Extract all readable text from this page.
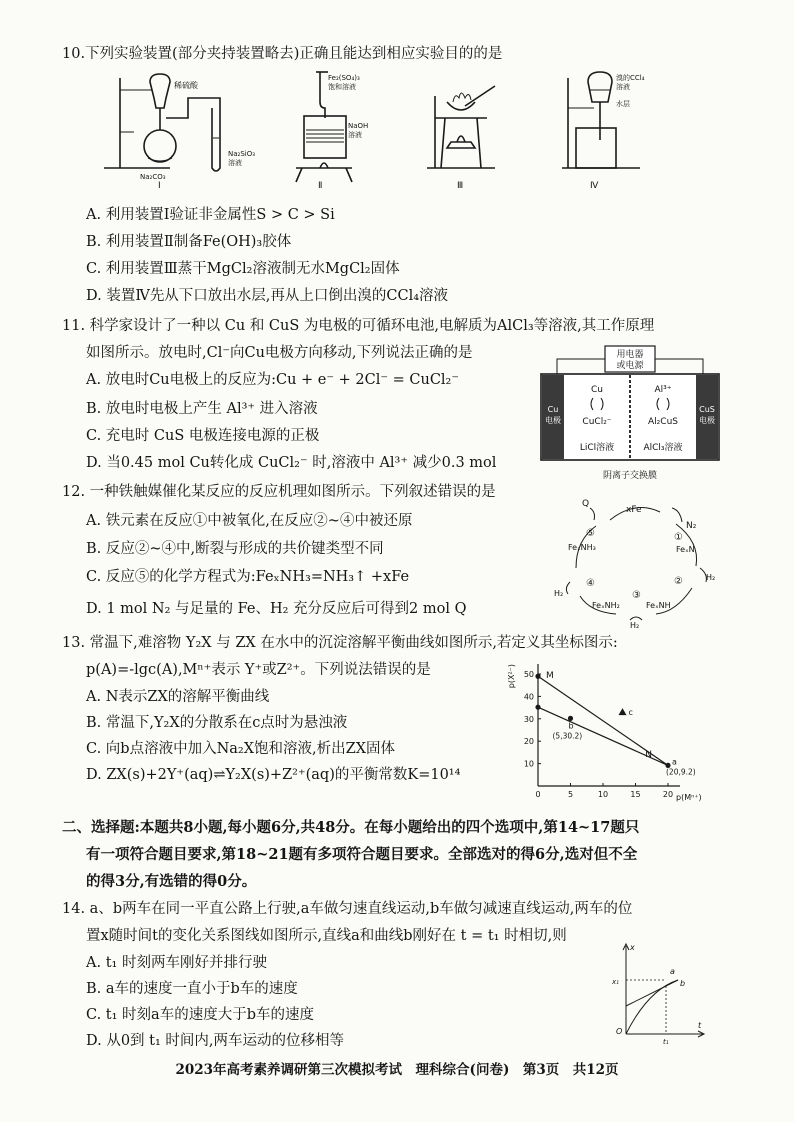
10.下列实验装置(部分夹持装置略去)正确且能达到相应实验目的的是
稀硫酸
Na₂CO₃
Na₂SiO₃
溶液
Ⅰ
Fe₂(SO₄)₃
饱和溶液
NaOH
溶液
Ⅱ	Ⅲ
溴的CCl₄
溶液
水层
Ⅳ
A. 利用装置Ⅰ验证非金属性S > C > Si
B. 利用装置Ⅱ制备Fe(OH)₃胶体
C. 利用装置Ⅲ蒸干MgCl₂溶液制无水MgCl₂固体
D. 装置Ⅳ先从下口放出水层,再从上口倒出溴的CCl₄溶液
11. 科学家设计了一种以 Cu 和 CuS 为电极的可循环电池,电解质为AlCl₃等溶液,其工作原理
如图所示。放电时,Cl⁻向Cu电极方向移动,下列说法正确的是
A. 放电时Cu电极上的反应为:Cu + e⁻ + 2Cl⁻ = CuCl₂⁻
B. 放电时电极上产生 Al³⁺ 进入溶液
C. 充电时 CuS 电极连接电源的正极
D. 当0.45 mol Cu转化成 CuCl₂⁻ 时,溶液中 Al³⁺ 减少0.3 mol
用电器
或电源
Cu
电极
CuS
电极
Cu
CuCl₂⁻
LiCl溶液
Al³⁺
Al₂CuS
AlCl₃溶液
阴离子交换膜
12. 一种铁触媒催化某反应的反应机理如图所示。下列叙述错误的是
A. 铁元素在反应①中被氧化,在反应②~④中被还原
B. 反应②~④中,断裂与形成的共价键类型不同
C. 反应⑤的化学方程式为:FeₓNH₃=NH₃↑ +xFe
D. 1 mol N₂ 与足量的 Fe、H₂ 充分反应后可得到2 mol Q
xFe
Q
N₂
FeₓN
FeₓNH
FeₓNH₂
FeₓNH₃
H₂
H₂
H₂
①
②
③
④
⑤
13. 常温下,难溶物 Y₂X 与 ZX 在水中的沉淀溶解平衡曲线如图所示,若定义其坐标图示:
p(A)=-lgc(A),Mⁿ⁺表示 Y⁺或Z²⁺。下列说法错误的是
A. N表示ZX的溶解平衡曲线
B. 常温下,Y₂X的分散系在c点时为悬浊液
C. 向b点溶液中加入Na₂X饱和溶液,析出ZX固体
D. ZX(s)+2Y⁺(aq)⇌Y₂X(s)+Z²⁺(aq)的平衡常数K=10¹⁴
0	5	10	15	20
10
20
30
40
50
p(X²⁻)
p(Mⁿ⁺)
M
N
b
(5,30.2)
a
(20,9.2)
c
二、选择题:本题共8小题,每小题6分,共48分。在每小题给出的四个选项中,第14~17题只
有一项符合题目要求,第18~21题有多项符合题目要求。全部选对的得6分,选对但不全
的得3分,有选错的得0分。
14. a、b两车在同一平直公路上行驶,a车做匀速直线运动,b车做匀减速直线运动,两车的位
置x随时间t的变化关系图线如图所示,直线a和曲线b刚好在 t = t₁ 时相切,则
A. t₁ 时刻两车刚好并排行驶
B. a车的速度一直小于b车的速度
C. t₁ 时刻a车的速度大于b车的速度
D. 从0到 t₁ 时间内,两车运动的位移相等
x
t
O
x₁
t₁
a
b
2023年高考素养调研第三次模拟考试　理科综合(问卷)　第3页　共12页
